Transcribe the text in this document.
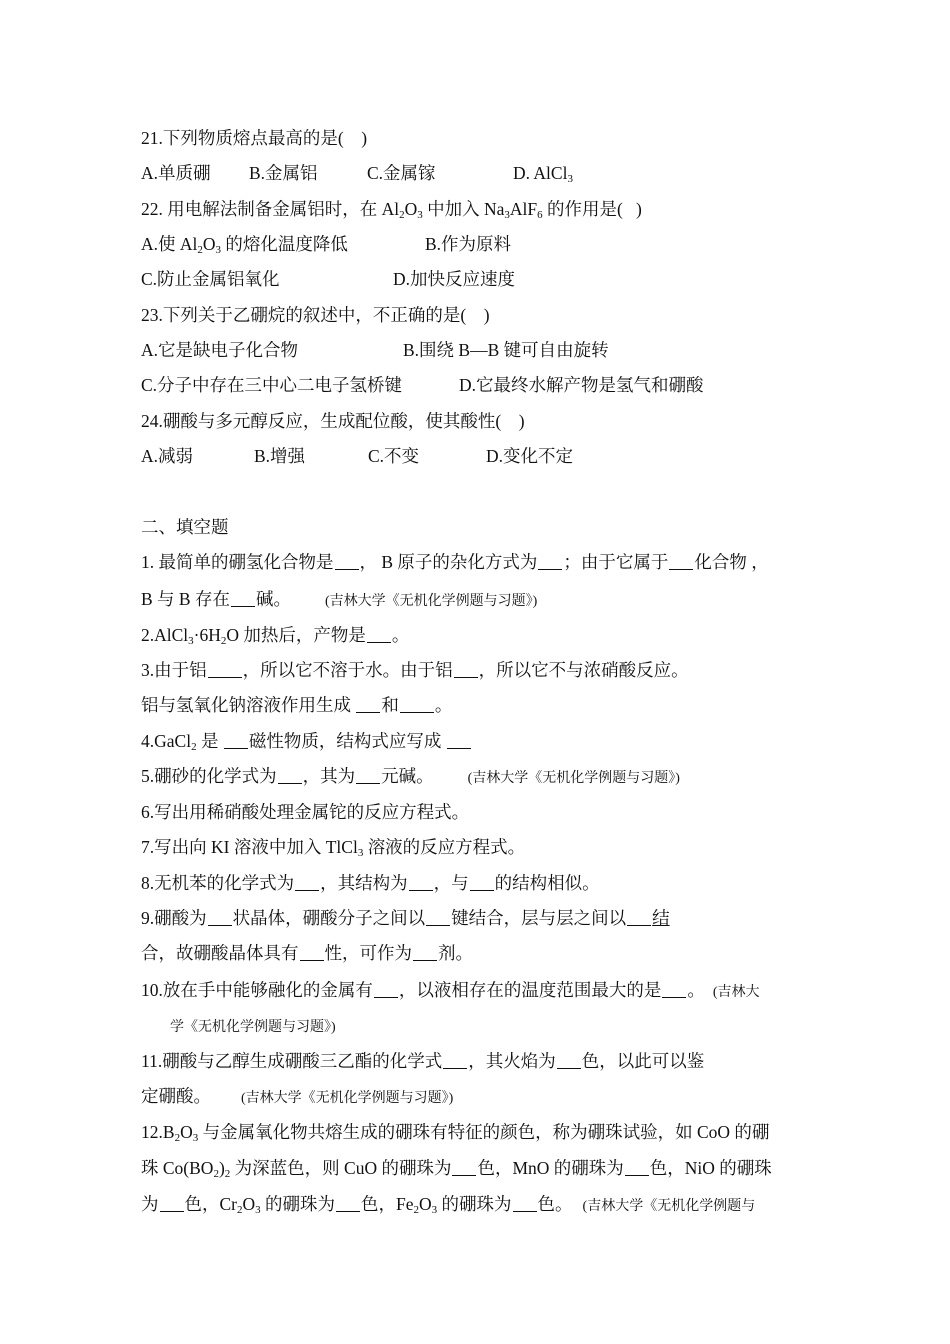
21.下列物质熔点最高的是(    )
A.单质硼 B.金属铝	C.金属镓	D. AlCl$_3$
22. 用电解法制备金属铝时，在 $Al_2O_3$ 中加入 $Na_3AlF_6$ 的作用是(   )
A.使 $Al_2O_3$ 的熔化温度降低	B.作为原料
C.防止金属铝氧化	D.加快反应速度
23.下列关于乙硼烷的叙述中，不正确的是(    )
A.它是缺电子化合物	B.围绕 B—B 键可自由旋转
C.分子中存在三中心二电子氢桥键	D.它最终水解产物是氢气和硼酸
24.硼酸与多元醇反应，生成配位酸，使其酸性(    )
A.减弱	B.增强	C.不变	D.变化不定
二、填空题
1. 最简单的硼氢化合物是 ， B 原子的杂化方式为 ；由于它属于 化合物 ，
B 与 B 存在 碱。 (吉林大学《无机化学例题与习题》)
$2.AlCl_3\cdot 6H_2O$ 加热后，产物是 。
3.由于铝 ，所以它不溶于水。由于铝 ，所以它不与浓硝酸反应。
铝与氢氧化钠溶液作用生成 和 。
4.GaCl$_2$ 是 磁性物质，结构式应写成
5.硼砂的化学式为 ，其为 元碱。 (吉林大学《无机化学例题与习题》)
6.写出用稀硝酸处理金属铊的反应方程式。
7.写出向 KI 溶液中加入 TlCl$_3$ 溶液的反应方程式。
8.无机苯的化学式为 ，其结构为 ，与 的结构相似。
9.硼酸为 状晶体，硼酸分子之间以 键结合，层与层之间以 结
合，故硼酸晶体具有 性，可作为 剂。
10.放在手中能够融化的金属有 ，以液相存在的温度范围最大的是 。 (吉林大
学《无机化学例题与习题》)
11.硼酸与乙醇生成硼酸三乙酯的化学式 ，其火焰为 色，以此可以鉴
定硼酸。 (吉林大学《无机化学例题与习题》)
$12.B_2O_3$ 与金属氧化物共熔生成的硼珠有特征的颜色，称为硼珠试验，如 CoO 的硼
珠 $Co(BO_2)_2$ 为深蓝色，则 CuO 的硼珠为 色，MnO 的硼珠为 色，NiO 的硼珠
为 色，$Cr_2O_3$ 的硼珠为 色，$Fe_2O_3$ 的硼珠为 色。 (吉林大学《无机化学例题与
